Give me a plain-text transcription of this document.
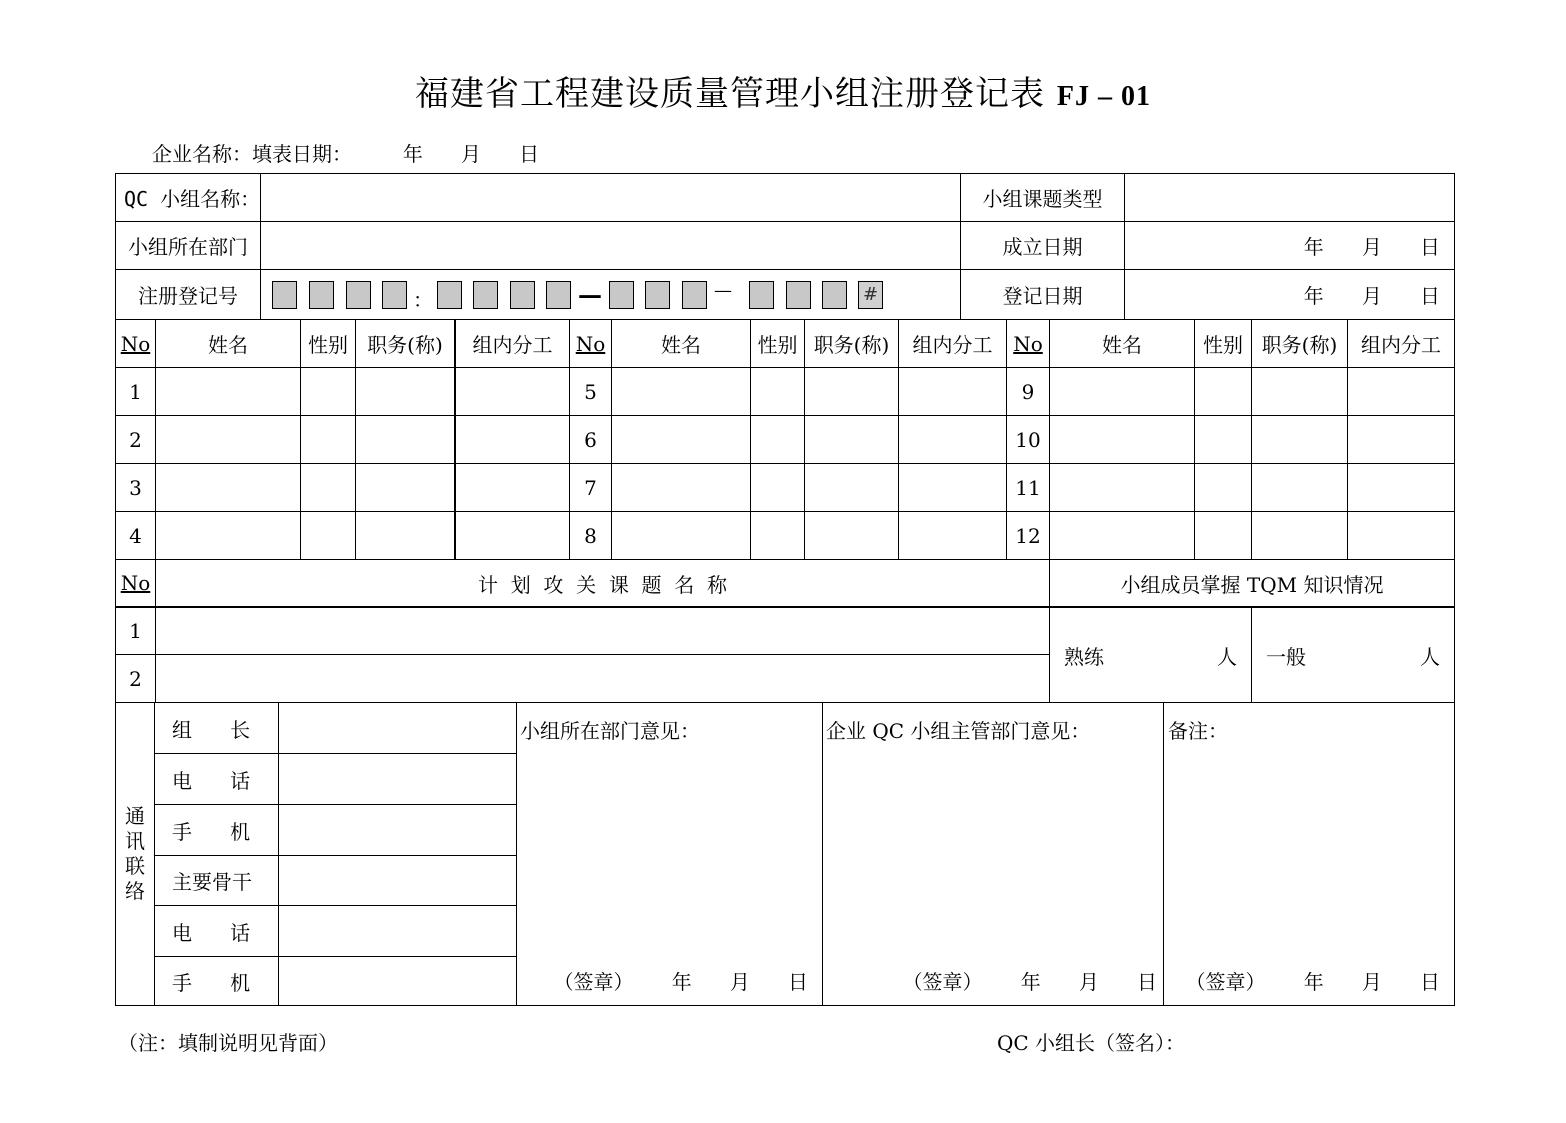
福建省工程建设质量管理小组注册登记表 FJ – 01
企业名称：填表日期：        年      月      日
QC 小组名称：	小组课题类型
小组所在部门	成立日期	年      月      日
注册登记号	：	—	—	#	登记日期	年      月      日
No	姓名	性别 职务(称)	组内分工	No	姓名	性别 职务(称)	组内分工	No	姓名	性别 职务(称)	组内分工
1	5	9
2	6	10
3	7	11
4	8	12
No	计  划  攻  关  课  题  名  称	小组成员掌握 TQM 知识情况
1
2
熟练	人	一般	人
通
讯
联
络
组      长
电      话
手      机
主要骨干
电      话
手      机
小组所在部门意见：	企业 QC 小组主管部门意见：	备注：
（签章）      年      月      日	（签章）      年      月      日	（签章）      年      月      日
（注：填制说明见背面）	QC 小组长（签名）：
